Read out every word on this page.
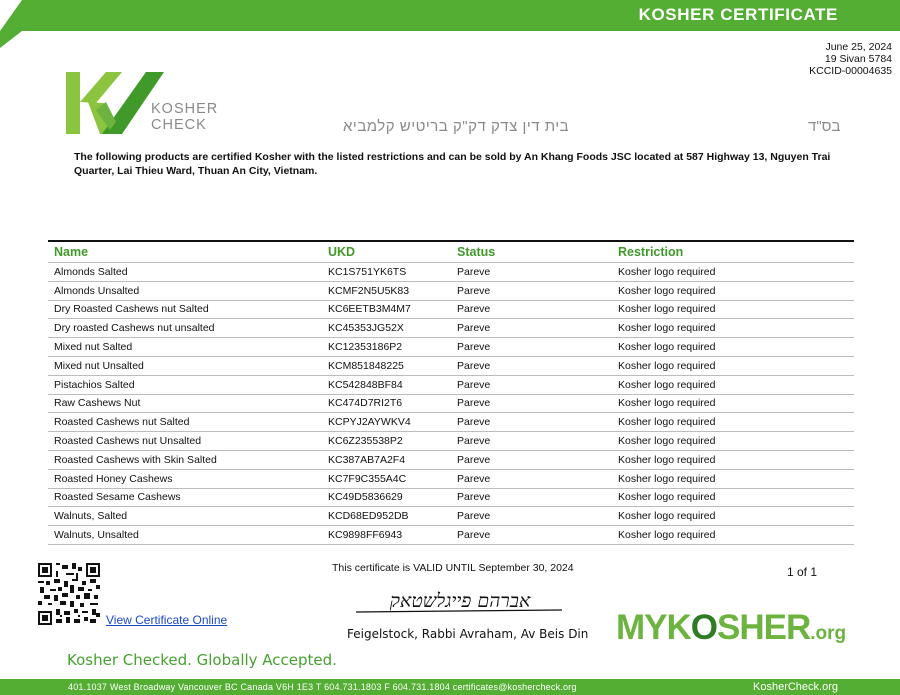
KOSHER CERTIFICATE
June 25, 2024
19 Sivan 5784
KCCID-00004635
KOSHER
CHECK	בית דין צדק דק"ק בריטיש קלמביא	בס"ד
The following products are certified Kosher with the listed restrictions and can be sold by An Khang Foods JSC located at 587 Highway 13, Nguyen Trai Quarter, Lai Thieu Ward, Thuan An City, Vietnam.
Name	UKD	Status	Restriction
Almonds Salted	KC1S751YK6TS	Pareve	Kosher logo required
Almonds Unsalted	KCMF2N5U5K83	Pareve	Kosher logo required
Dry Roasted Cashews nut Salted	KC6EETB3M4M7	Pareve	Kosher logo required
Dry roasted Cashews nut unsalted	KC45353JG52X	Pareve	Kosher logo required
Mixed nut Salted	KC12353186P2	Pareve	Kosher logo required
Mixed nut Unsalted	KCM851848225	Pareve	Kosher logo required
Pistachios Salted	KC542848BF84	Pareve	Kosher logo required
Raw Cashews Nut	KC474D7RI2T6	Pareve	Kosher logo required
Roasted Cashews nut Salted	KCPYJ2AYWKV4	Pareve	Kosher logo required
Roasted Cashews nut Unsalted	KC6Z235538P2	Pareve	Kosher logo required
Roasted Cashews with Skin Salted	KC387AB7A2F4	Pareve	Kosher logo required
Roasted Honey Cashews	KC7F9C355A4C	Pareve	Kosher logo required
Roasted Sesame Cashews	KC49D5836629	Pareve	Kosher logo required
Walnuts, Salted	KCD68ED952DB	Pareve	Kosher logo required
Walnuts, Unsalted	KC9898FF6943	Pareve	Kosher logo required
This certificate is VALID UNTIL September 30, 2024	1 of 1
View Certificate Online
אברהם פייגלשטאק
Feigelstock, Rabbi Avraham, Av Beis Din MYKOSHER.org
Kosher Checked. Globally Accepted.
401.1037 West Broadway Vancouver BC Canada V6H 1E3 T 604.731.1803 F 604.731.1804 certificates@koshercheck.org	KosherCheck.org
